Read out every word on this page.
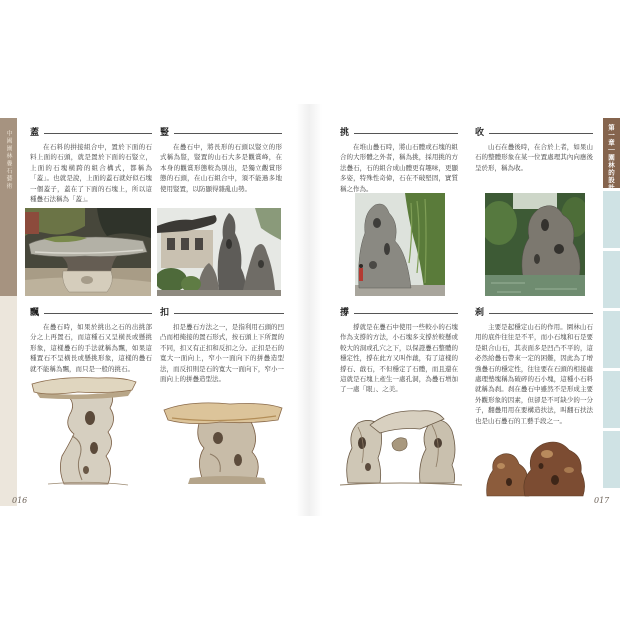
中國園林疊石藝術	第一章｜園林的設計
蓋
在石料的拼接組合中，置於下面的石料上面的石頭，就是置於下面的石豎立，上面的石塊橫跨的組合構式，都稱為「蓋」。也就是說，上面的蓋石就好似石塊一個蓋子，蓋在了下面的石塊上，所以這種疊石法稱為「蓋」。
豎
在疊石中，將長形的石頭以豎立的形式稱為豎，豎置的山石大多是觀賞峰，在本身的觀賞形態較為別出，是獨立觀賞形態的石頭，在山石組合中，須不能過多地使用豎置，以防顯得雜亂山勢。
飄
在疊石時，如果於挑出之石的出挑部分之上再置石，而這種石又呈橫長或懸挑形象，這樣疊石的手法就稱為飄，如果這種置石不呈橫長或懸挑形象，這樣的疊石就不能稱為飄，而只是一般的挑石。
扣
扣是疊石方法之一，是指利用石頭的凹凸而相掩接的置石形式，按石頭上下所置的不同，扣又有正扣和反扣之分。正扣是石的寬大一面向上，窄小一面向下的拼疊造型法，而反扣則是石的寬大一面向下，窄小一面向上的拼疊造型法。
016
挑
在堆山疊石時，將山石體或石塊的組合的大形體之外者，稱為挑，採用挑的方法疊石，石的組合成山體更有趣味，更顯多姿，特殊性奇偉，石在不破堅固，實質稱之作為。
收
山石在疊後時，在合於上者，如果山石的整體形象在某一位置處理其內向應後呈於形，稱為收。
撐
撐就是在疊石中使用一些較小的石塊作為支撐的方法，小石塊多支撐於較懸或較大的洞或孔穴之下，以保證疊石整體的穩定性，撐在此方又叫作戧，有了這樣的撐石、戧石，不但穩定了石體，而且還在這就是石塊上產生一處孔洞，為疊石增加了一處「眼」、之美。
刹
主要是起穩定山石的作用。園林山石用的底件往往是不平，而小石塊和石是要是組合山石，其表面多是凹凸不平的，這必然給疊石帶來一定的困難，因此為了增強疊石的穩定性，往往要在石頭的相接處處理墊塊稱為破碎的石小塊，這種小石料就稱為刹。刹在疊石中雖然不是形成主要外觀形象的因素，但卻是不可缺少的一分子，翻疊用用在要構造扶法，叫翻石扶法也是山石疊石的工藝手段之一。
017
